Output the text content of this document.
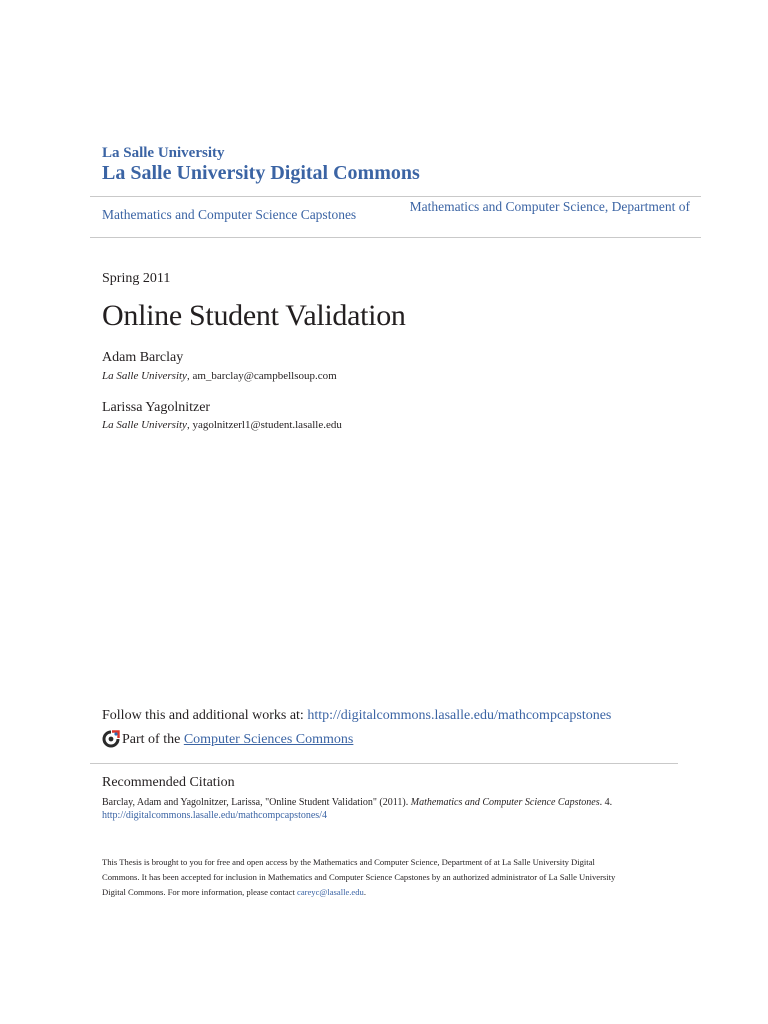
La Salle University
La Salle University Digital Commons
Mathematics and Computer Science Capstones
Mathematics and Computer Science, Department of
Spring 2011
Online Student Validation
Adam Barclay
La Salle University, am_barclay@campbellsoup.com
Larissa Yagolnitzer
La Salle University, yagolnitzerl1@student.lasalle.edu
Follow this and additional works at: http://digitalcommons.lasalle.edu/mathcompcapstones
Part of the Computer Sciences Commons
Recommended Citation
Barclay, Adam and Yagolnitzer, Larissa, "Online Student Validation" (2011). Mathematics and Computer Science Capstones. 4.
http://digitalcommons.lasalle.edu/mathcompcapstones/4

This Thesis is brought to you for free and open access by the Mathematics and Computer Science, Department of at La Salle University Digital

Commons. It has been accepted for inclusion in Mathematics and Computer Science Capstones by an authorized administrator of La Salle University

Digital Commons. For more information, please contact careyc@lasalle.edu.
